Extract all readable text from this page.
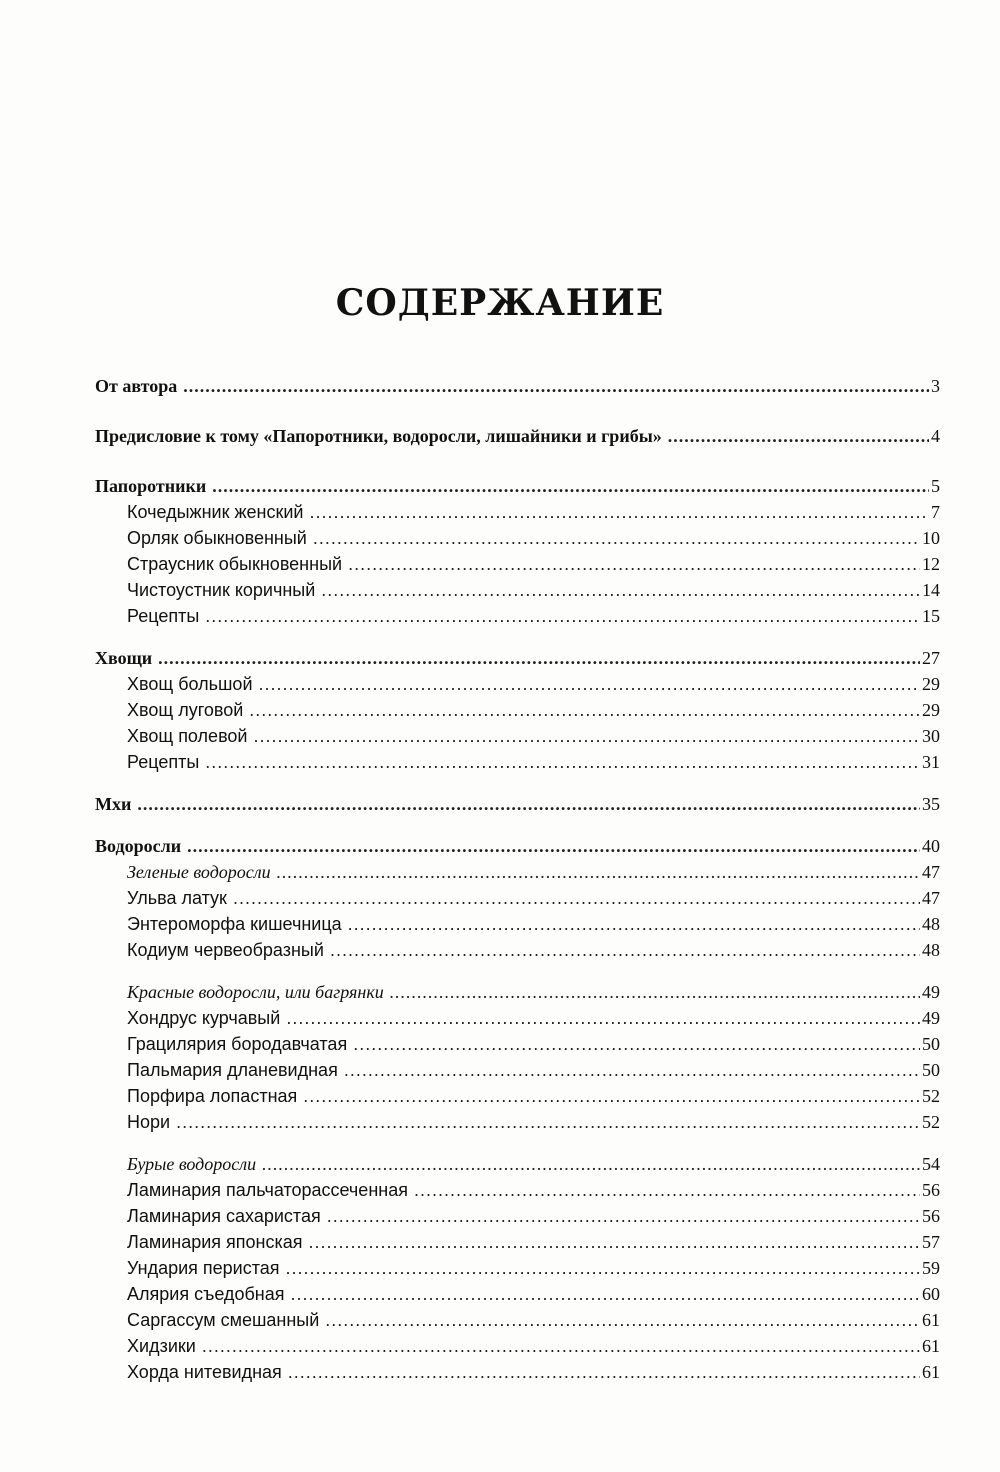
СОДЕРЖАНИЕ
От автора .....	3
Предисловие к тому «Папоротники, водоросли, лишайники и грибы» .....	4
Папоротники .....	5
Кочедыжник женский .....	7
Орляк обыкновенный .....	10
Страусник обыкновенный .....	12
Чистоустник коричный .....	14
Рецепты .....	15
Хвощи .....	27
Хвощ большой .....	29
Хвощ луговой .....	29
Хвощ полевой .....	30
Рецепты .....	31
Мхи .....	35
Водоросли .....	40
Зеленые водоросли .....	47
Ульва латук .....	47
Энтероморфа кишечница .....	48
Кодиум червеобразный .....	48
Красные водоросли, или багрянки .....	49
Хондрус курчавый .....	49
Грацилярия бородавчатая .....	50
Пальмария дланевидная .....	50
Порфира лопастная .....	52
Нори .....	52
Бурые водоросли .....	54
Ламинария пальчаторассеченная .....	56
Ламинария сахаристая .....	56
Ламинария японская .....	57
Ундария перистая .....	59
Алярия съедобная .....	60
Саргассум смешанный .....	61
Хидзики .....	61
Хорда нитевидная .....	61
